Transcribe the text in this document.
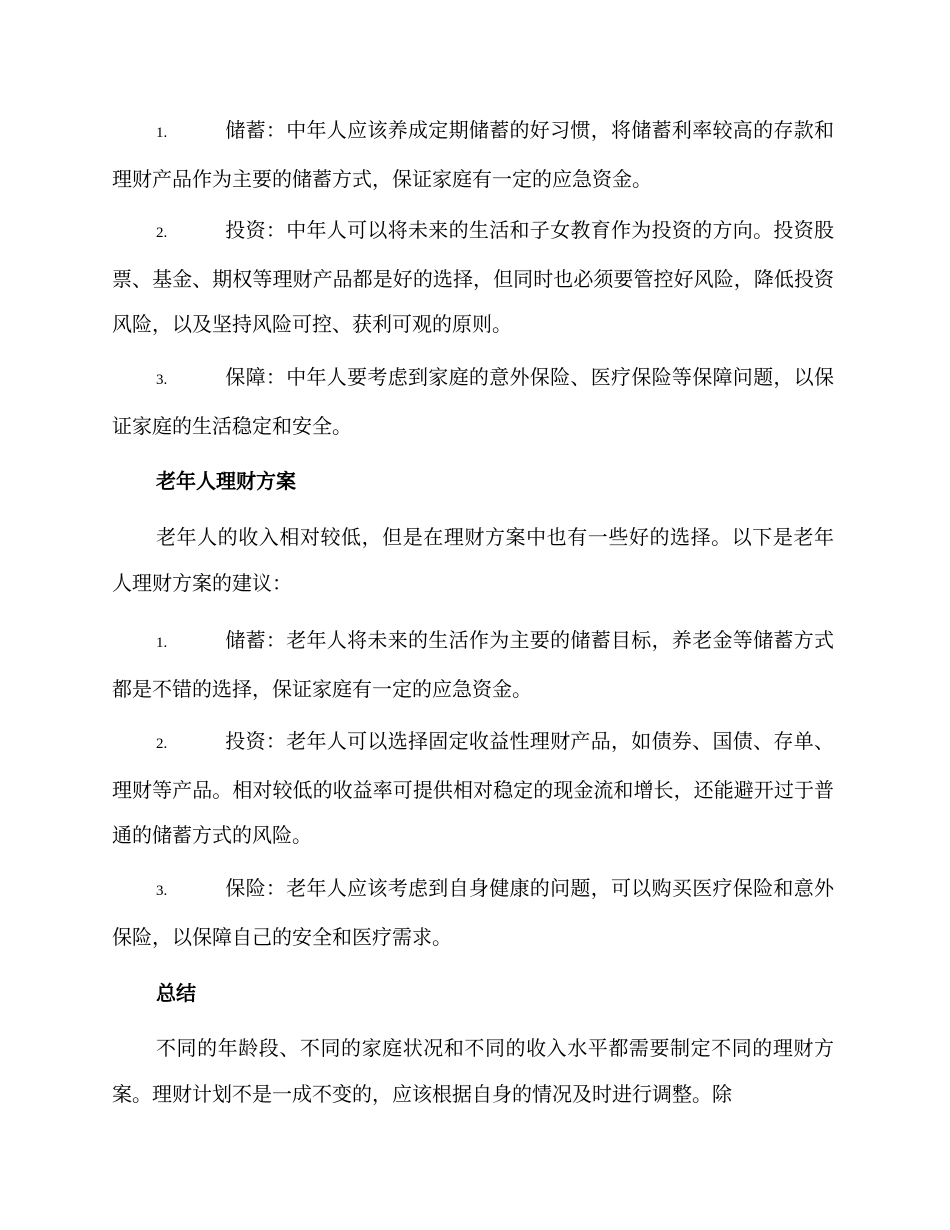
1.	储蓄：中年人应该养成定期储蓄的好习惯，将储蓄利率较高的存款和理财产品作为主要的储蓄方式，保证家庭有一定的应急资金。

2.	投资：中年人可以将未来的生活和子女教育作为投资的方向。投资股票、基金、期权等理财产品都是好的选择，但同时也必须要管控好风险，降低投资风险，以及坚持风险可控、获利可观的原则。

3.	保障：中年人要考虑到家庭的意外保险、医疗保险等保障问题，以保证家庭的生活稳定和安全。

老年人理财方案

老年人的收入相对较低，但是在理财方案中也有一些好的选择。以下是老年人理财方案的建议：

1.	储蓄：老年人将未来的生活作为主要的储蓄目标，养老金等储蓄方式都是不错的选择，保证家庭有一定的应急资金。

2.	投资：老年人可以选择固定收益性理财产品，如债券、国债、存单、理财等产品。相对较低的收益率可提供相对稳定的现金流和增长，还能避开过于普通的储蓄方式的风险。

3.	保险：老年人应该考虑到自身健康的问题，可以购买医疗保险和意外保险，以保障自己的安全和医疗需求。

总结

不同的年龄段、不同的家庭状况和不同的收入水平都需要制定不同的理财方案。理财计划不是一成不变的，应该根据自身的情况及时进行调整。除
